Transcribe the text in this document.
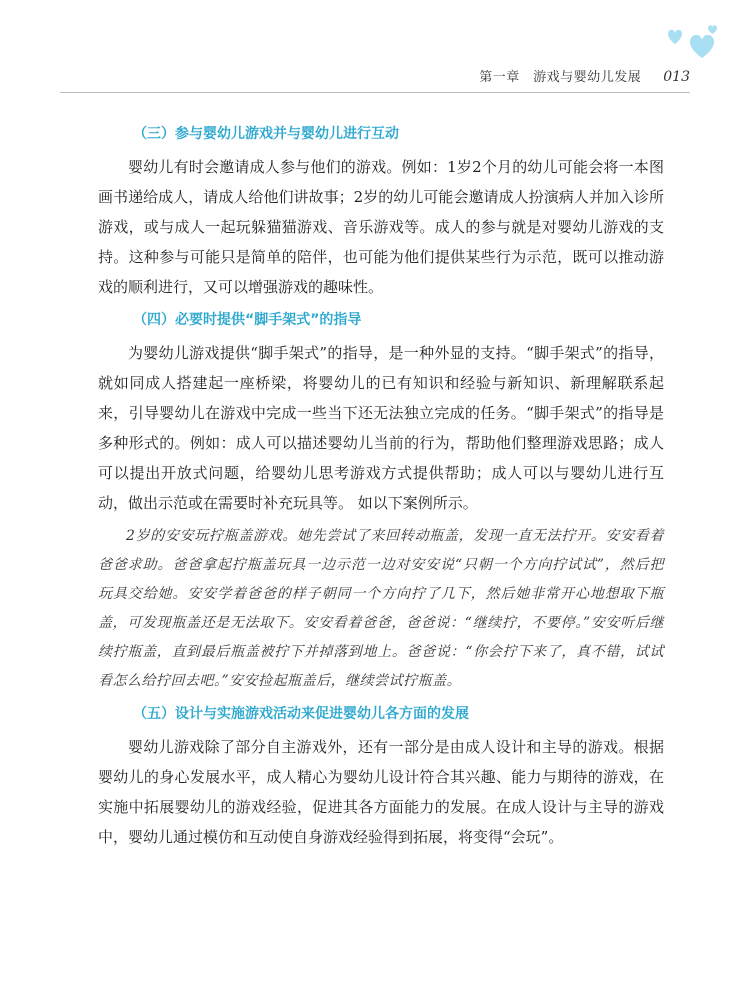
第一章　游戏与婴幼儿发展 013
（三）参与婴幼儿游戏并与婴幼儿进行互动

婴幼儿有时会邀请成人参与他们的游戏。例如：1岁2个月的幼儿可能会将一本图画书递给成人，请成人给他们讲故事；2岁的幼儿可能会邀请成人扮演病人并加入诊所游戏，或与成人一起玩躲猫猫游戏、音乐游戏等。成人的参与就是对婴幼儿游戏的支持。这种参与可能只是简单的陪伴，也可能为他们提供某些行为示范，既可以推动游戏的顺利进行，又可以增强游戏的趣味性。

（四）必要时提供“脚手架式”的指导

为婴幼儿游戏提供“脚手架式”的指导，是一种外显的支持。“脚手架式”的指导，就如同成人搭建起一座桥梁，将婴幼儿的已有知识和经验与新知识、新理解联系起来，引导婴幼儿在游戏中完成一些当下还无法独立完成的任务。“脚手架式”的指导是多种形式的。例如：成人可以描述婴幼儿当前的行为，帮助他们整理游戏思路；成人可以提出开放式问题，给婴幼儿思考游戏方式提供帮助；成人可以与婴幼儿进行互动，做出示范或在需要时补充玩具等。 如以下案例所示。

2岁的安安玩拧瓶盖游戏。她先尝试了来回转动瓶盖，发现一直无法拧开。安安看着爸爸求助。爸爸拿起拧瓶盖玩具一边示范一边对安安说“只朝一个方向拧试试”，然后把玩具交给她。安安学着爸爸的样子朝同一个方向拧了几下，然后她非常开心地想取下瓶盖，可发现瓶盖还是无法取下。安安看着爸爸，爸爸说：“继续拧，不要停。”安安听后继续拧瓶盖，直到最后瓶盖被拧下并掉落到地上。爸爸说：“你会拧下来了，真不错，试试看怎么给拧回去吧。”安安捡起瓶盖后，继续尝试拧瓶盖。

（五）设计与实施游戏活动来促进婴幼儿各方面的发展

婴幼儿游戏除了部分自主游戏外，还有一部分是由成人设计和主导的游戏。根据婴幼儿的身心发展水平，成人精心为婴幼儿设计符合其兴趣、能力与期待的游戏，在实施中拓展婴幼儿的游戏经验，促进其各方面能力的发展。在成人设计与主导的游戏中，婴幼儿通过模仿和互动使自身游戏经验得到拓展，将变得“会玩”。
